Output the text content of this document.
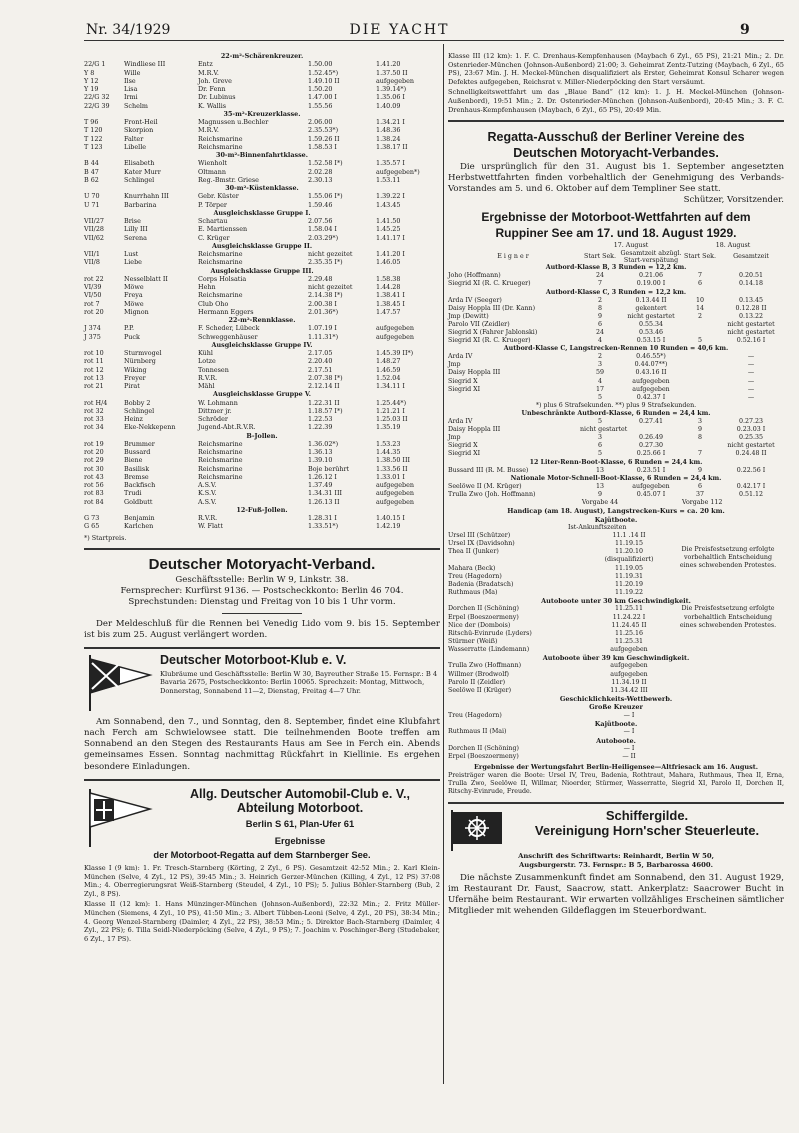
Nr. 34/1929	DIE YACHT	9
22-m²-Schärenkreuzer.				
22/G 1	Windliese III	Entz	1.50.00	1.41.20
Y 8	Wille	M.R.V.	1.52.45*)	1.37.50 II
Y 12	Ilse	Joh. Greve	1.49.10 II	aufgegeben
Y 19	Lisa	Dr. Fenn	1.50.20	1.39.14*)
22/G 32	Irmi	Dr. Lubinus	1.47.00 I	1.35.06 I
22/G 39	Schelm	K. Wallis	1.55.56	1.40.09
35-m²-Kreuzerklasse.				
T 96	Front-Heil	Magnussen u.Bechler	2.06.00	1.34.21 I
T 120	Skorpion	M.R.V.	2.35.53*)	1.48.36
T 122	Falter	Reichsmarine	1.59.26 II	1.38.24
T 123	Libelle	Reichsmarine	1.58.53 I	1.38.17 II
30-m²-Binnenfahrtklasse.				
B 44	Elisabeth	Wienholt	1.52.58 I*)	1.35.57 I
B 47	Kater Murr	Oltmann	2.02.28	aufgegeben*)
B 62	Schlingel	Reg.-Bmstr. Griese	2.30.13	1.53.11
30-m²-Küstenklasse.				
U 70	Knurrhahn III	Gebr. Küster	1.55.06 I*)	1.39.22 I
U 71	Barbarina	P. Törper	1.59.46	1.43.45
Ausgleichsklasse Gruppe I.				
VII/27	Brise	Schartau	2.07.56	1.41.50
VII/28	Lilly III	E. Martienssen	1.58.04 I	1.45.25
VII/62	Serena	C. Krüger	2.03.29*)	1.41.17 I
Ausgleichsklasse Gruppe II.				
VII/1	Lust	Reichsmarine	nicht gezeitet	1.41.20 I
VII/8	Liebe	Reichsmarine	2.35.35 I*)	1.46.05
Ausgleichsklasse Gruppe III.				
rot 22	Nesselblatt II	Corps Holsatia	2.29.48	1.58.38
VI/39	Möwe	Hehn	nicht gezeitet	1.44.28
VI/50	Freya	Reichsmarine	2.14.38 I*)	1.38.41 I
rot 7	Möwe	Club Oho	2.00.38 I	1.38.45 I
rot 20	Mignon	Hermann Eggers	2.01.36*)	1.47.57
22-m²-Rennklasse.				
J 374	P.P.	F. Scheder, Lübeck	1.07.19 I	aufgegeben
J 375	Puck	Schweggenhäuser	1.11.31*)	aufgegeben
Ausgleichsklasse Gruppe IV.				
rot 10	Sturmvogel	Kühl	2.17.05	1.45.39 II*)
rot 11	Nürnberg	Lotze	2.20.40	1.48.27
rot 12	Wiking	Tonnesen	2.17.51	1.46.59
rot 13	Freyer	R.V.R.	2.07.38 I*)	1.52.04
rot 21	Pirat	Mähl	2.12.14 II	1.34.11 I
Ausgleichsklasse Gruppe V.				
rot H/4	Bobby 2	W. Lohmann	1.22.31 II	1.25.44*)
rot 32	Schlingel	Dittmer jr.	1.18.57 I*)	1.21.21 I
rot 33	Heinz	Schröder	1.22.53	1.25.03 II
rot 34	Eke-Nekkepenn	Jugend-Abt.R.V.R.	1.22.39	1.35.19
B-Jollen.				
rot 19	Brummer	Reichsmarine	1.36.02*)	1.53.23
rot 20	Bussard	Reichsmarine	1.36.13	1.44.35
rot 29	Biene	Reichsmarine	1.39.10	1.38.50 III
rot 30	Basilisk	Reichsmarine	Boje berührt	1.33.56 II
rot 43	Bremse	Reichsmarine	1.26.12 I	1.33.01 I
rot 56	Backfisch	A.S.V.	1.37.49	aufgegeben
rot 83	Trudi	K.S.V.	1.34.31 III	aufgegeben
rot 84	Goldbutt	A.S.V.	1.26.13 II	aufgegeben
12-Fuß-Jollen.				
G 73	Benjamin	R.V.R.	1.28.31 I	1.40.15 I
G 65	Karlchen	W. Flatt	1.33.51*)	1.42.19
*) Startpreis.
Deutscher Motoryacht-Verband.
Geschäftsstelle: Berlin W 9, Linkstr. 38.
Fernsprecher: Kurfürst 9136. — Postscheckkonto: Berlin 46 704.
Sprechstunden: Dienstag und Freitag von 10 bis 1 Uhr vorm.
Der Meldeschluß für die Rennen bei Venedig Lido vom 9. bis 15. September ist bis zum 25. August verlängert worden.
Deutscher Motorboot-Klub e. V.
Klubräume und Geschäftsstelle: Berlin W 30, Bayreuther Straße 15. Fernspr.: B 4 Bavaria 2675, Postscheckkonto: Berlin 10065. Sprechzeit: Montag, Mittwoch, Donnerstag, Sonnabend 11—2, Dienstag, Freitag 4—7 Uhr.
Am Sonnabend, den 7., und Sonntag, den 8. September, findet eine Klubfahrt nach Ferch am Schwielowsee statt. Die teilnehmenden Boote treffen am Sonnabend an den Stegen des Restaurants Haus am See in Ferch ein. Abends gemeinsames Essen. Sonntag nachmittag Rückfahrt in Kiellinie. Es ergehen besondere Einladungen.
Allg. Deutscher Automobil-Club e. V.,
Abteilung Motorboot.
Berlin S 61, Plan-Ufer 61
Ergebnisse
der Motorboot-Regatta auf dem Starnberger See.
Klasse I (9 km): 1. Fr. Tresch-Starnberg (Körting, 2 Zyl., 6 PS). Gesamtzeit 42:52 Min.; 2. Karl Klein-München (Selve, 4 Zyl., 12 PS), 39:45 Min.; 3. Heinrich Gerzer-München (Killing, 4 Zyl., 12 PS) 37:08 Min.; 4. Oberregierungsrat Weiß-Starnberg (Steudel, 4 Zyl., 10 PS); 5. Julius Böhler-Starnberg (Bub, 2 Zyl., 8 PS).
Klasse II (12 km): 1. Hans Münzinger-München (Johnson-Außenbord), 22:32 Min.; 2. Fritz Müller-München (Siemens, 4 Zyl., 10 PS), 41:50 Min.; 3. Albert Tübben-Leoni (Selve, 4 Zyl., 20 PS), 38:34 Min.; 4. Georg Wenzel-Starnberg (Daimler, 4 Zyl., 22 PS), 38:53 Min.; 5. Direktor Bach-Starnberg (Daimler, 4 Zyl., 22 PS); 6. Tilla Seidl-Niederpöcking (Selve, 4 Zyl., 9 PS); 7. Joachim v. Poschinger-Berg (Studebaker, 6 Zyl., 17 PS).
Klasse III (12 km): 1. F. C. Drenhaus-Kempfenhausen (Maybach 6 Zyl., 65 PS), 21:21 Min.; 2. Dr. Ostenrieder-München (Johnson-Außenbord) 21:00; 3. Geheimrat Zentz-Tutzing (Maybach, 6 Zyl., 65 PS), 23:67 Min. J. H. Meckel-München disqualifiziert als Erster, Geheimrat Konsul Scharer wegen Defektes aufgegeben, Reichsrat v. Miller-Niederpöcking den Start versäumt.
Schnelligkeitswettfahrt um das „Blaue Band“ (12 km): 1. J. H. Meckel-München (Johnson-Außenbord), 19:51 Min.; 2. Dr. Ostenrieder-München (Johnson-Außenbord), 20:45 Min.; 3. F. C. Drenhaus-Kempfenhausen (Maybach, 6 Zyl., 65 PS), 20:49 Min.
Regatta-Ausschuß der Berliner Vereine des
Deutschen Motoryacht-Verbandes.
Die ursprünglich für den 31. August bis 1. September angesetzten Herbstwettfahrten finden vorbehaltlich der Genehmigung des Verbands-Vorstandes am 5. und 6. Oktober auf dem Templiner See statt.
Schützer, Vorsitzender.
Ergebnisse der Motorboot-Wettfahrten auf dem
Ruppiner See am 17. und 18. August 1929.
	17. August		18. August	
Eigner	Start Sek.	Gesamtzeit abzügl. Start-verspätung	Start Sek.	Gesamtzeit
Autbord-Klasse B, 3 Runden = 12,2 km.				
Joho (Hoffmann)	24	0.21.06	7	0.20.51
Siegrid XI (R. C. Krueger)	7	0.19.00 I	6	0.14.18
Autbord-Klasse C, 3 Runden = 12,2 km.				
Arda IV (Seeger)	2	0.13.44 II	10	0.13.45
Daisy Hoppla III (Dr. Kann)	8	gekentert	14	0.12.28 II
Jmp (Dewitt)	9	nicht gestartet	2	0.13.22
Parolo VII (Zeidler)	6	0.55.34		nicht gestartet
Siegrid X (Fahrer Jablonski)	24	0.53.46		nicht gestartet
Siegrid XI (R. C. Krueger)	4	0.53.15 I	5	0.52.16 I
Autbord-Klasse C, Langstrecken-Rennen 10 Runden = 40,6 km.				
Arda IV	2	0.46.55*)		—
Jmp	3	0.44.07**)		—
Daisy Hoppla III	59	0.43.16 II		—
Siegrid X	4	aufgegeben		—
Siegrid XI	17	aufgegeben		—
	5	0.42.37 I		—
*) plus 6 Strafsekunden. **) plus 9 Strafsekunden.				
Unbeschränkte Autbord-Klasse, 6 Runden = 24,4 km.				
Arda IV	5	0.27.41	3	0.27.23
Daisy Hoppla III	nicht gestartet		9	0.23.03 I
Jmp	3	0.26.49	8	0.25.35
Siegrid X	6	0.27.30		nicht gestartet
Siegrid XI	5	0.25.66 I	7	0.24.48 II
12 Liter-Renn-Boot-Klasse, 6 Runden = 24,4 km.				
Bussard III (R. M. Busse)	13	0.23.51 I	9	0.22.56 I
Nationale Motor-Schnell-Boot-Klasse, 6 Runden = 24,4 km.				
Seelöwe II (M. Krüger)	13	aufgegeben	6	0.42.17 I
Trulla Zwo (Joh. Hoffmann)	9	0.45.07 I	37	0.51.12
	Vorgabe 44		Vorgabe 112	
Handicap (am 18. August), Langstrecken-Kurs = ca. 20 km.
Kajütboote.
Ist-Ankunftszeiten
Ursel III (Schützer)	11.1 .14 II
Ursel IX (Davidsohn)	11.19.15
Thea II (Junker)	11.20.10
	(disqualifiziert)
Mahara (Beck)	11.19.05
Treu (Hagedorn)	11.19.31
Badenia (Bradatsch)	11.20.19
Ruthmaus (Ma)	11.19.22
Die Preisfestsetzung erfolgte vorbehaltlich Entscheidung eines schwebenden Protestes.
Autoboote unter 30 km Geschwindigkeit.
Dorchen II (Schöning)	11.25.11
Erpel (Boeszoermeny)	11.24.22 I
Nice der (Dombois)	11.24.45 II
Ritschü-Evinrude (Lyders)	11.25.16
Stürmer (Weiß)	11.25.31
Wasserratte (Lindemann)	aufgegeben
Die Preisfestsetzung erfolgte vorbehaltlich Entscheidung eines schwebenden Protestes.
Autoboote über 39 km Geschwindigkeit.
Trulla Zwo (Hoffmann)	aufgegeben
Willmer (Brodwolf)	aufgegeben
Parolo II (Zeidler)	11.34.19 II
Seelöwe II (Krüger)	11.34.42 III
Geschicklichkeits-Wettbewerb.
Große Kreuzer
Treu (Hagedorn)	— I
Kajütboote.
Ruthmaus II (Mai)	— I
Autoboote.
Dorchen II (Schöning)	— I
Erpel (Boeszoermeny)	— II
Ergebnisse der Wertungsfahrt Berlin-Heiligensee—Altfriesack am 16. August.
Preisträger waren die Boote: Ursel IV, Treu, Badenia, Rothtraut, Mahara, Ruthmaus, Thea II, Erna, Trulla Zwo, Seelöwe II, Willmar, Nioerder, Stürmer, Wasserratte, Siegrid XI, Parolo II, Dorchen II, Ritschy-Evinrude, Freude.
Schiffergilde.
Vereinigung Horn'scher Steuerleute.
Anschrift des Schriftwarts: Reinhardt, Berlin W 50,
Augsburgerstr. 73. Fernspr.: B 5, Barbarossa 4600.
Die nächste Zusammenkunft findet am Sonnabend, den 31. August 1929, im Restaurant Dr. Faust, Saacrow, statt. Ankerplatz: Saacrower Bucht in Ufernähe beim Restaurant. Wir erwarten vollzähliges Erscheinen sämtlicher Mitglieder mit wehenden Gildeflaggen im Steuerbordwant.
